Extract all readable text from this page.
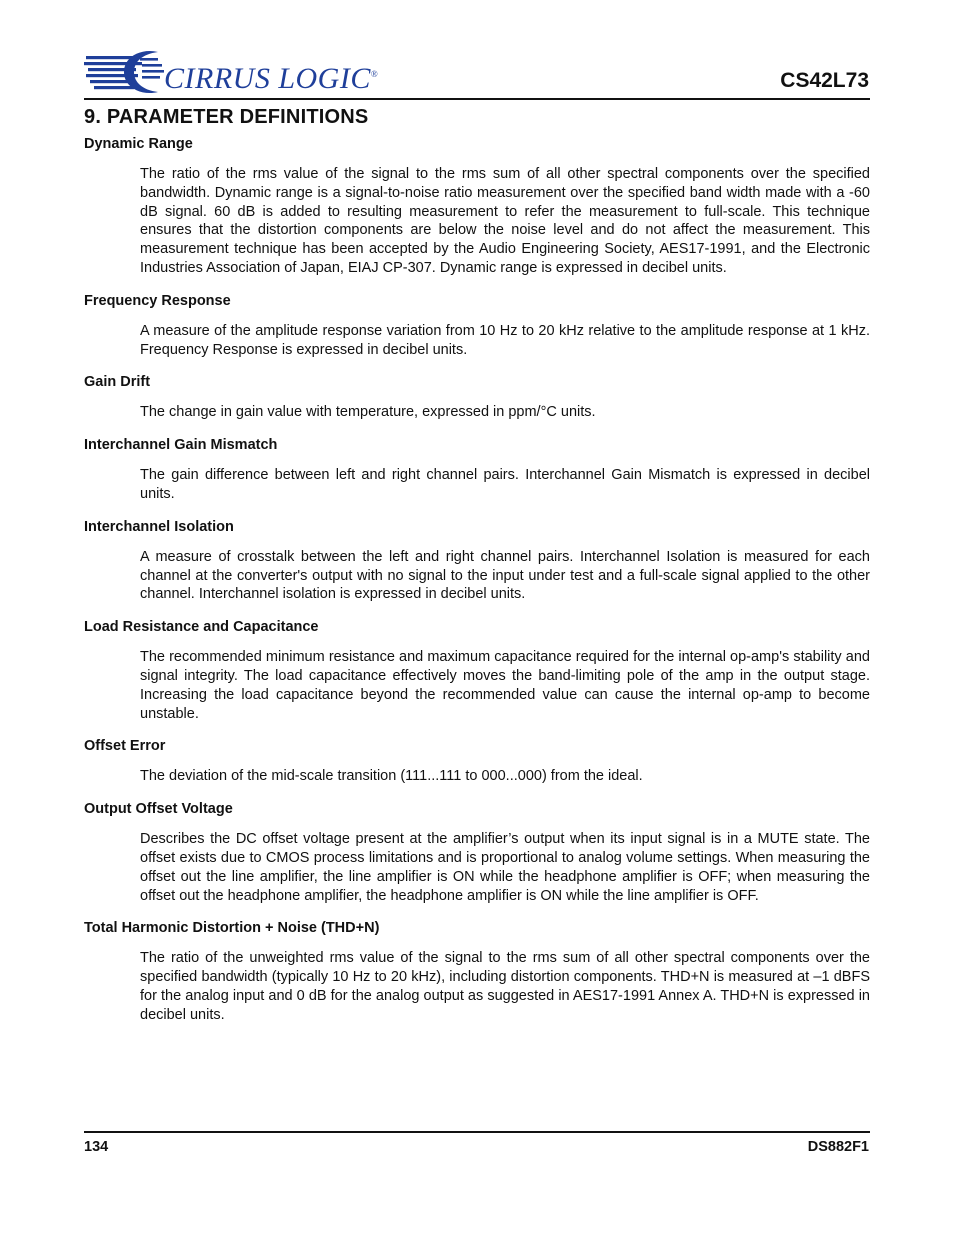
CIRRUS LOGIC®	CS42L73
9. PARAMETER DEFINITIONS

Dynamic Range

The ratio of the rms value of the signal to the rms sum of all other spectral components over the specified bandwidth. Dynamic range is a signal-to-noise ratio measurement over the specified band width made with a -60 dB signal. 60 dB is added to resulting measurement to refer the measurement to full-scale. This technique ensures that the distortion components are below the noise level and do not affect the measurement. This measurement technique has been accepted by the Audio Engineering Society, AES17-1991, and the Electronic Industries Association of Japan, EIAJ CP-307. Dynamic range is expressed in decibel units.

Frequency Response

A measure of the amplitude response variation from 10 Hz to 20 kHz relative to the amplitude response at 1 kHz. Frequency Response is expressed in decibel units.

Gain Drift

The change in gain value with temperature, expressed in ppm/°C units.

Interchannel Gain Mismatch

The gain difference between left and right channel pairs. Interchannel Gain Mismatch is expressed in decibel units.

Interchannel Isolation

A measure of crosstalk between the left and right channel pairs. Interchannel Isolation is measured for each channel at the converter's output with no signal to the input under test and a full-scale signal applied to the other channel. Interchannel isolation is expressed in decibel units.

Load Resistance and Capacitance

The recommended minimum resistance and maximum capacitance required for the internal op-amp's stability and signal integrity. The load capacitance effectively moves the band-limiting pole of the amp in the output stage. Increasing the load capacitance beyond the recommended value can cause the internal op-amp to become unstable.

Offset Error

The deviation of the mid-scale transition (111...111 to 000...000) from the ideal.

Output Offset Voltage

Describes the DC offset voltage present at the amplifier’s output when its input signal is in a MUTE state. The offset exists due to CMOS process limitations and is proportional to analog volume settings. When measuring the offset out the line amplifier, the line amplifier is ON while the headphone amplifier is OFF; when measuring the offset out the headphone amplifier, the headphone amplifier is ON while the line amplifier is OFF.

Total Harmonic Distortion + Noise (THD+N)

The ratio of the unweighted rms value of the signal to the rms sum of all other spectral components over the specified bandwidth (typically 10 Hz to 20 kHz), including distortion components. THD+N is measured at –1 dBFS for the analog input and 0 dB for the analog output as suggested in AES17-1991 Annex A. THD+N is expressed in decibel units.

134	DS882F1
